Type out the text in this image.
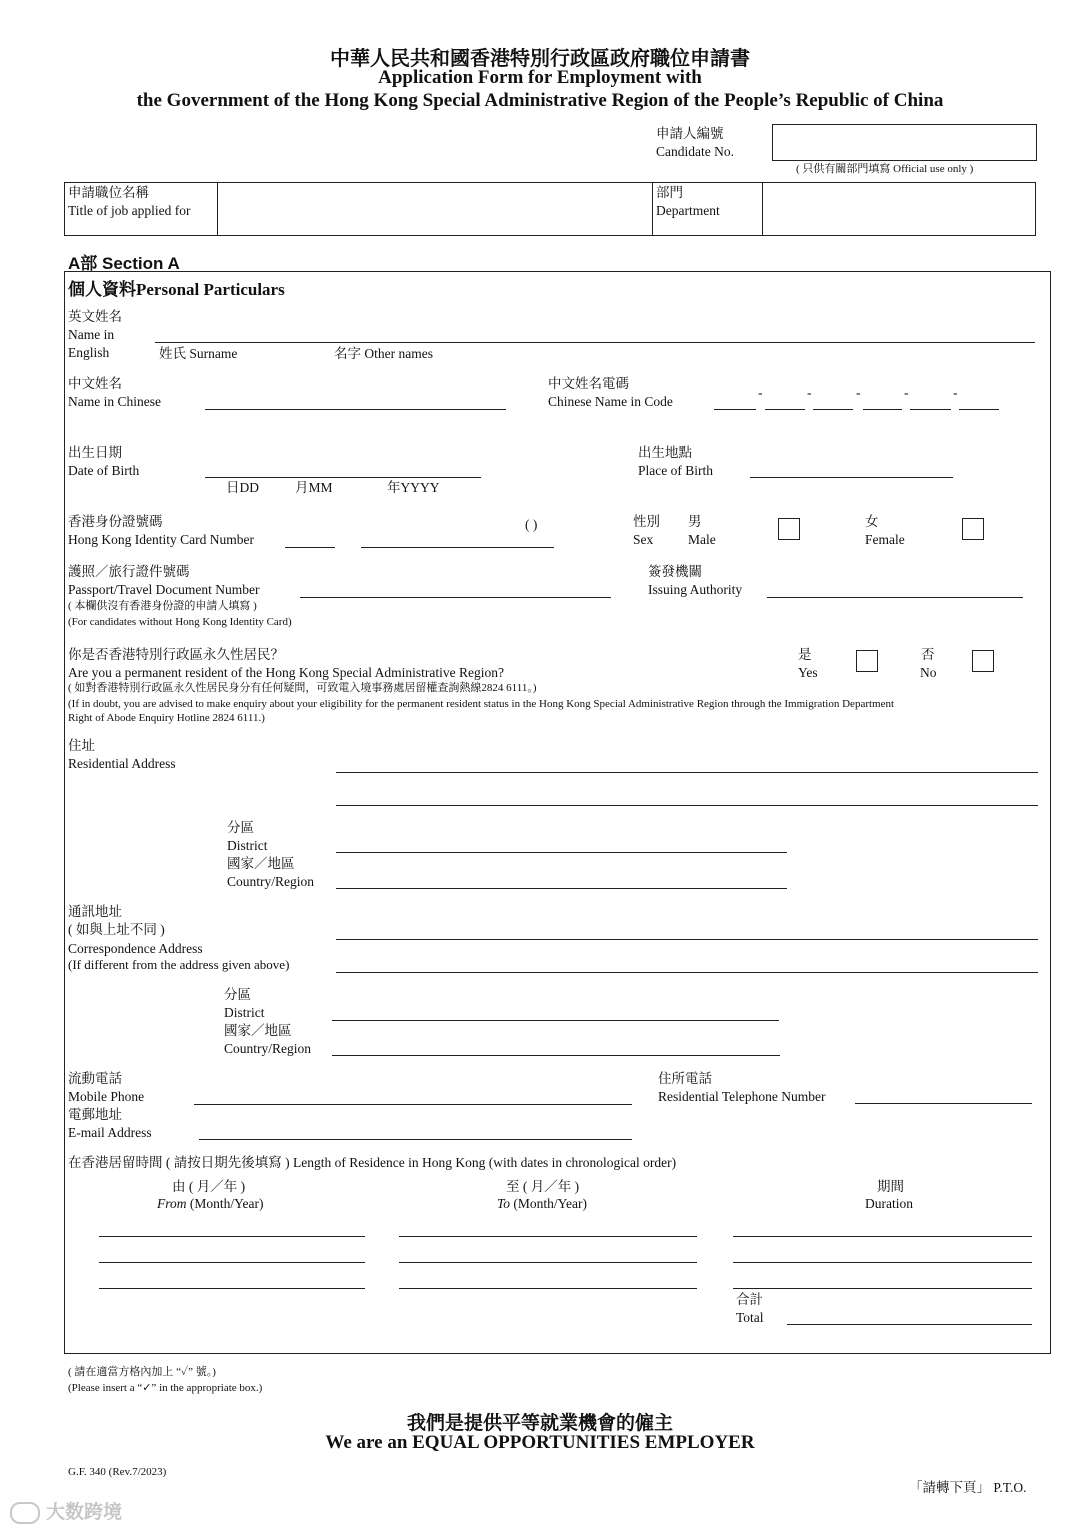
中華人民共和國香港特別行政區政府職位申請書
Application Form for Employment with
the Government of the Hong Kong Special Administrative Region of the People’s Republic of China
申請人編號
Candidate No.
( 只供有關部門填寫 Official use only )
申請職位名稱
Title of job applied for
部門
Department
A部 Section A
個人資料Personal Particulars
英文姓名
Name in
English	姓氏 Surname	名字 Other names
中文姓名
Name in Chinese
中文姓名電碼
Chinese Name in Code
-	-	-	-	-
出生日期
Date of Birth
日DD	月MM	年YYYY
出生地點
Place of Birth
香港身份證號碼
Hong Kong Identity Card Number
( )	性別
Sex
男
Male
女
Female
護照／旅行證件號碼
Passport/Travel Document Number
( 本欄供沒有香港身份證的申請人填寫 )
(For candidates without Hong Kong Identity Card)
簽發機關
Issuing Authority
你是否香港特別行政區永久性居民？
Are you a permanent resident of the Hong Kong Special Administrative Region?
( 如對香港特別行政區永久性居民身分有任何疑問，可致電入境事務處居留權查詢熱線2824 6111。)
(If in doubt, you are advised to make enquiry about your eligibility for the permanent resident status in the Hong Kong Special Administrative Region through the Immigration Department
Right of Abode Enquiry Hotline 2824 6111.)
是
Yes
否
No
住址
Residential Address
分區
District
國家／地區
Country/Region
通訊地址
( 如與上址不同 )
Correspondence Address
(If different from the address given above)
分區
District
國家／地區
Country/Region
流動電話
Mobile Phone
電郵地址
E-mail Address
住所電話
Residential Telephone Number
在香港居留時間 ( 請按日期先後填寫 ) Length of Residence in Hong Kong (with dates in chronological order)
由 ( 月／年 )
From (Month/Year)
至 ( 月／年 )
To (Month/Year)
期間
Duration
合計
Total
( 請在適當方格內加上 “✓” 號。)
(Please insert a “✓” in the appropriate box.)
我們是提供平等就業機會的僱主
We are an EQUAL OPPORTUNITIES EMPLOYER
G.F. 340 (Rev.7/2023)
「請轉下頁」 P.T.O.
大数跨境
